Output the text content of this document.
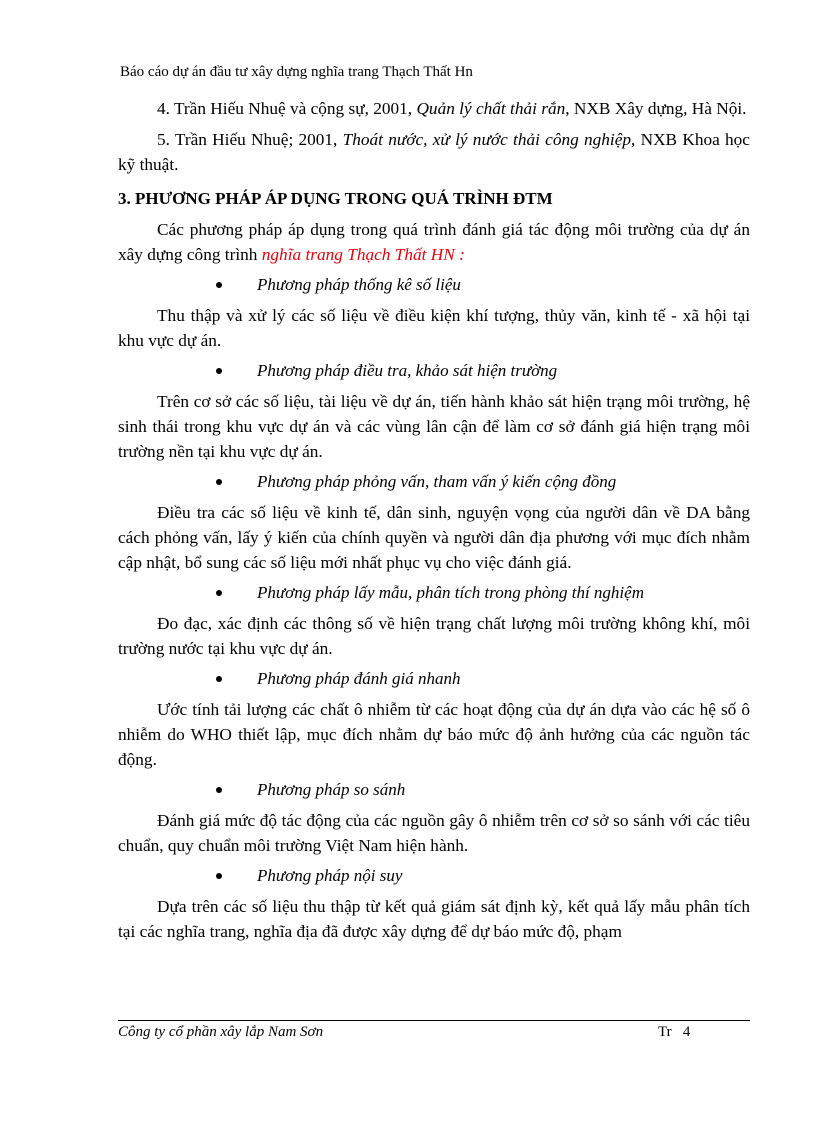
Báo cáo dự án đầu tư xây dựng nghĩa trang Thạch Thất Hn

4. Trần Hiếu Nhuệ và cộng sự, 2001, Quản lý chất thải rắn, NXB Xây dựng, Hà Nội.

5. Trần Hiếu Nhuệ; 2001, Thoát nước, xử lý nước thải công nghiệp, NXB Khoa học kỹ thuật.

3. PHƯƠNG PHÁP ÁP DỤNG TRONG QUÁ TRÌNH ĐTM

Các phương pháp áp dụng trong quá trình đánh giá tác động môi trường của dự án xây dựng công trình nghĩa trang Thạch Thất HN :

Phương pháp thống kê số liệu

Thu thập và xử lý các số liệu về điều kiện khí tượng, thủy văn, kinh tế - xã hội tại khu vực dự án.

Phương pháp điều tra, khảo sát hiện trường

Trên cơ sở các số liệu, tài liệu về dự án, tiến hành khảo sát hiện trạng môi trường, hệ sinh thái trong khu vực dự án và các vùng lân cận để làm cơ sở đánh giá hiện trạng môi trường nền tại khu vực dự án.

Phương pháp phỏng vấn, tham vấn ý kiến cộng đồng

Điều tra các số liệu về kinh tế, dân sinh, nguyện vọng của người dân về DA bằng cách phỏng vấn, lấy ý kiến của chính quyền và người dân địa phương với mục đích nhằm cập nhật, bổ sung các số liệu mới nhất phục vụ cho việc đánh giá.

Phương pháp lấy mẫu, phân tích trong phòng thí nghiệm

Đo đạc, xác định các thông số về hiện trạng chất lượng môi trường không khí, môi trường nước tại khu vực dự án.

Phương pháp đánh giá nhanh

Ước tính tải lượng các chất ô nhiễm từ các hoạt động của dự án dựa vào các hệ số ô nhiễm do WHO thiết lập, mục đích nhằm dự báo mức độ ảnh hưởng của các nguồn tác động.

Phương pháp so sánh

Đánh giá mức độ tác động của các nguồn gây ô nhiễm trên cơ sở so sánh với các tiêu chuẩn, quy chuẩn môi trường Việt Nam hiện hành.

Phương pháp nội suy

Dựa trên các số liệu thu thập từ kết quả giám sát định kỳ, kết quả lấy mẫu phân tích tại các nghĩa trang, nghĩa địa đã được xây dựng để dự báo mức độ, phạm

Công ty cổ phần xây lắp Nam Sơn	Tr   4
